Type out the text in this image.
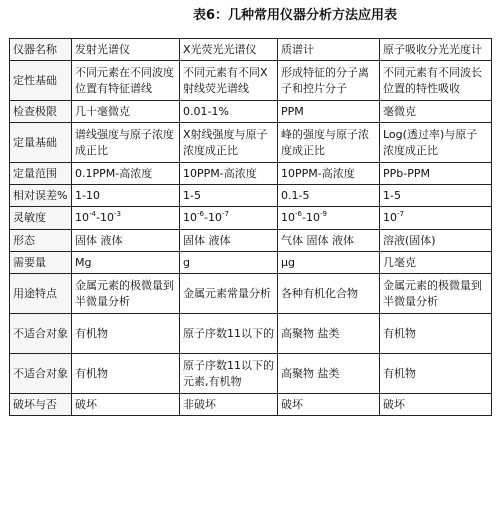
表6：几种常用仪器分析方法应用表
仪器名称	发射光谱仪	X光荧光光谱仪	质谱计	原子吸收分光光度计
定性基础	不同元素在不同波度位置有特征谱线	不同元素有不同X射线荧光谱线	形成特征的分子离子和控片分子	不同元素有不同波长位置的特性吸收
检查极限	几十毫微克	0.01-1%	PPM	毫微克
定量基础	谱线强度与原子浓度成正比	X射线强度与原子浓度成正比	峰的强度与原子浓度成正比	Log(透过率)与原子浓度成正比
定量范围	0.1PPM-高浓度	10PPM-高浓度	10PPM-高浓度	PPb-PPM
相对误差%	1-10	1-5	0.1-5	1-5
灵敏度	$10^{-4}-10^{-3}$	$10^{-6}-10^{-7}$	$10^{-6}-10^{-9}$	$10^{-7}$
形态	固体 液体	固体 液体	气体 固体 液体	溶液(固体)
需要量	Mg	g	μg	几毫克
用途特点	金属元素的极微量到半微量分析	金属元素常量分析	各种有机化合物	金属元素的极微量到半微量分析
不适合对象	有机物	原子序数11以下的	高聚物 盐类	有机物
不适合对象	有机物	原子序数11以下的元素,有机物	高聚物 盐类	有机物
破坏与否	破坏	非破坏	破坏	破坏
